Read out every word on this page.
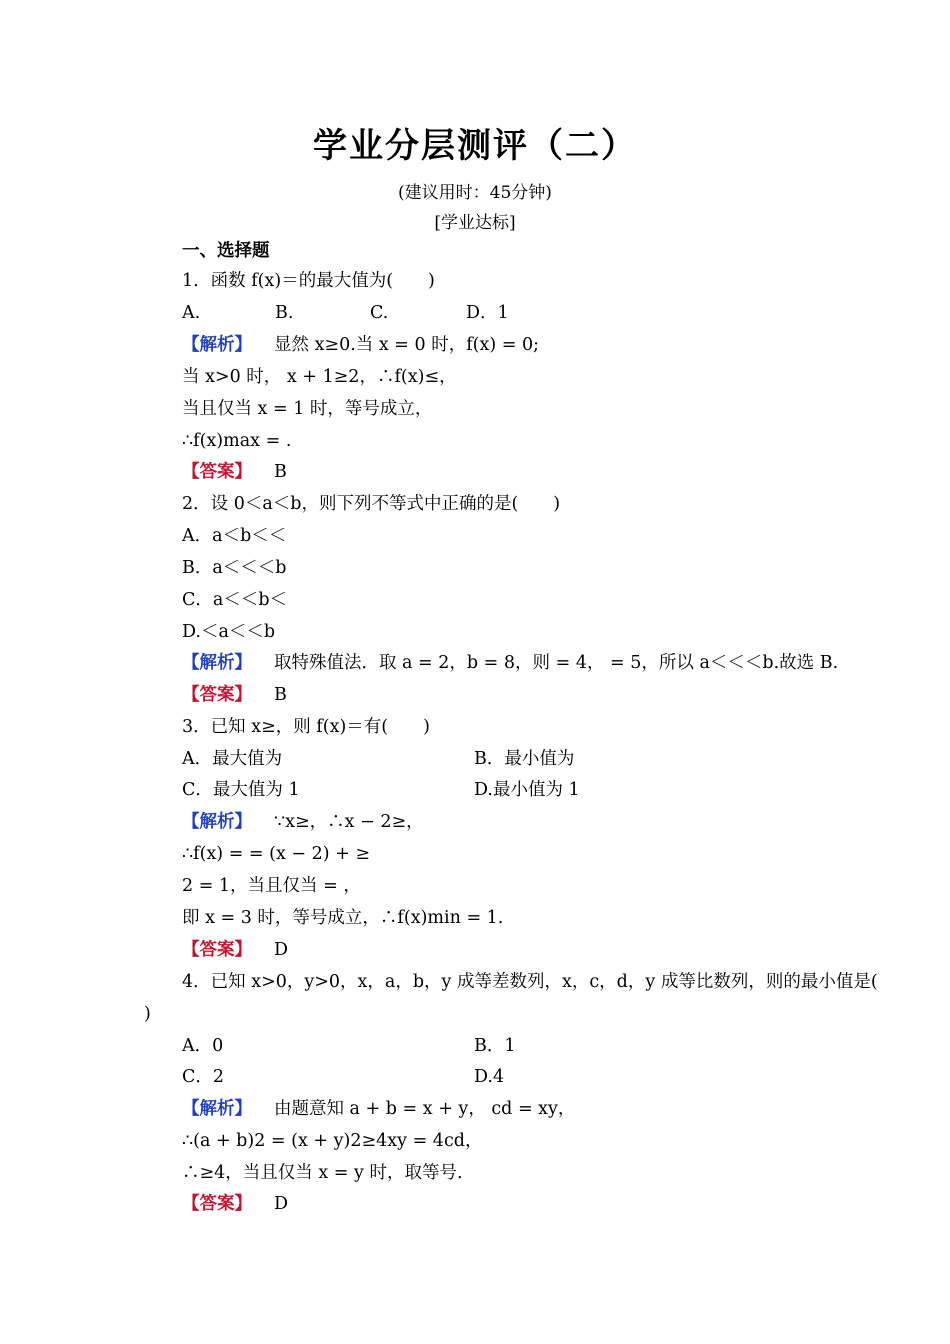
学业分层测评（二）
(建议用时：45分钟)
[学业达标]
一、选择题
1．函数 f(x)＝的最大值为(　　)
A.	B.	C.	D．1
【解析】 显然 x≥0.当 x = 0 时，f(x) = 0;
当 x>0 时， x + 1≥2，∴f(x)≤，
当且仅当 x = 1 时，等号成立，
∴f(x)max = .
【答案】 B
2．设 0＜a＜b，则下列不等式中正确的是(　　)
A．a＜b＜＜
B．a＜＜＜b
C．a＜＜b＜
D.＜a＜＜b
【解析】 取特殊值法．取 a = 2，b = 8，则 = 4， = 5，所以 a＜＜＜b.故选 B.
【答案】 B
3．已知 x≥，则 f(x)＝有(　　)
A．最大值为	B．最小值为
C．最大值为 1	D.最小值为 1
【解析】 ∵x≥，∴x − 2≥，
∴f(x) = = (x − 2) + ≥
2 = 1，当且仅当 = ，
即 x = 3 时，等号成立，∴f(x)min = 1.
【答案】 D
4．已知 x>0，y>0，x，a，b，y 成等差数列，x，c，d，y 成等比数列，则的最小值是(
)
A．0	B．1
C．2	D.4
【解析】 由题意知 a + b = x + y， cd = xy，
∴(a + b)2 = (x + y)2≥4xy = 4cd，
∴≥4，当且仅当 x = y 时，取等号.
【答案】 D
